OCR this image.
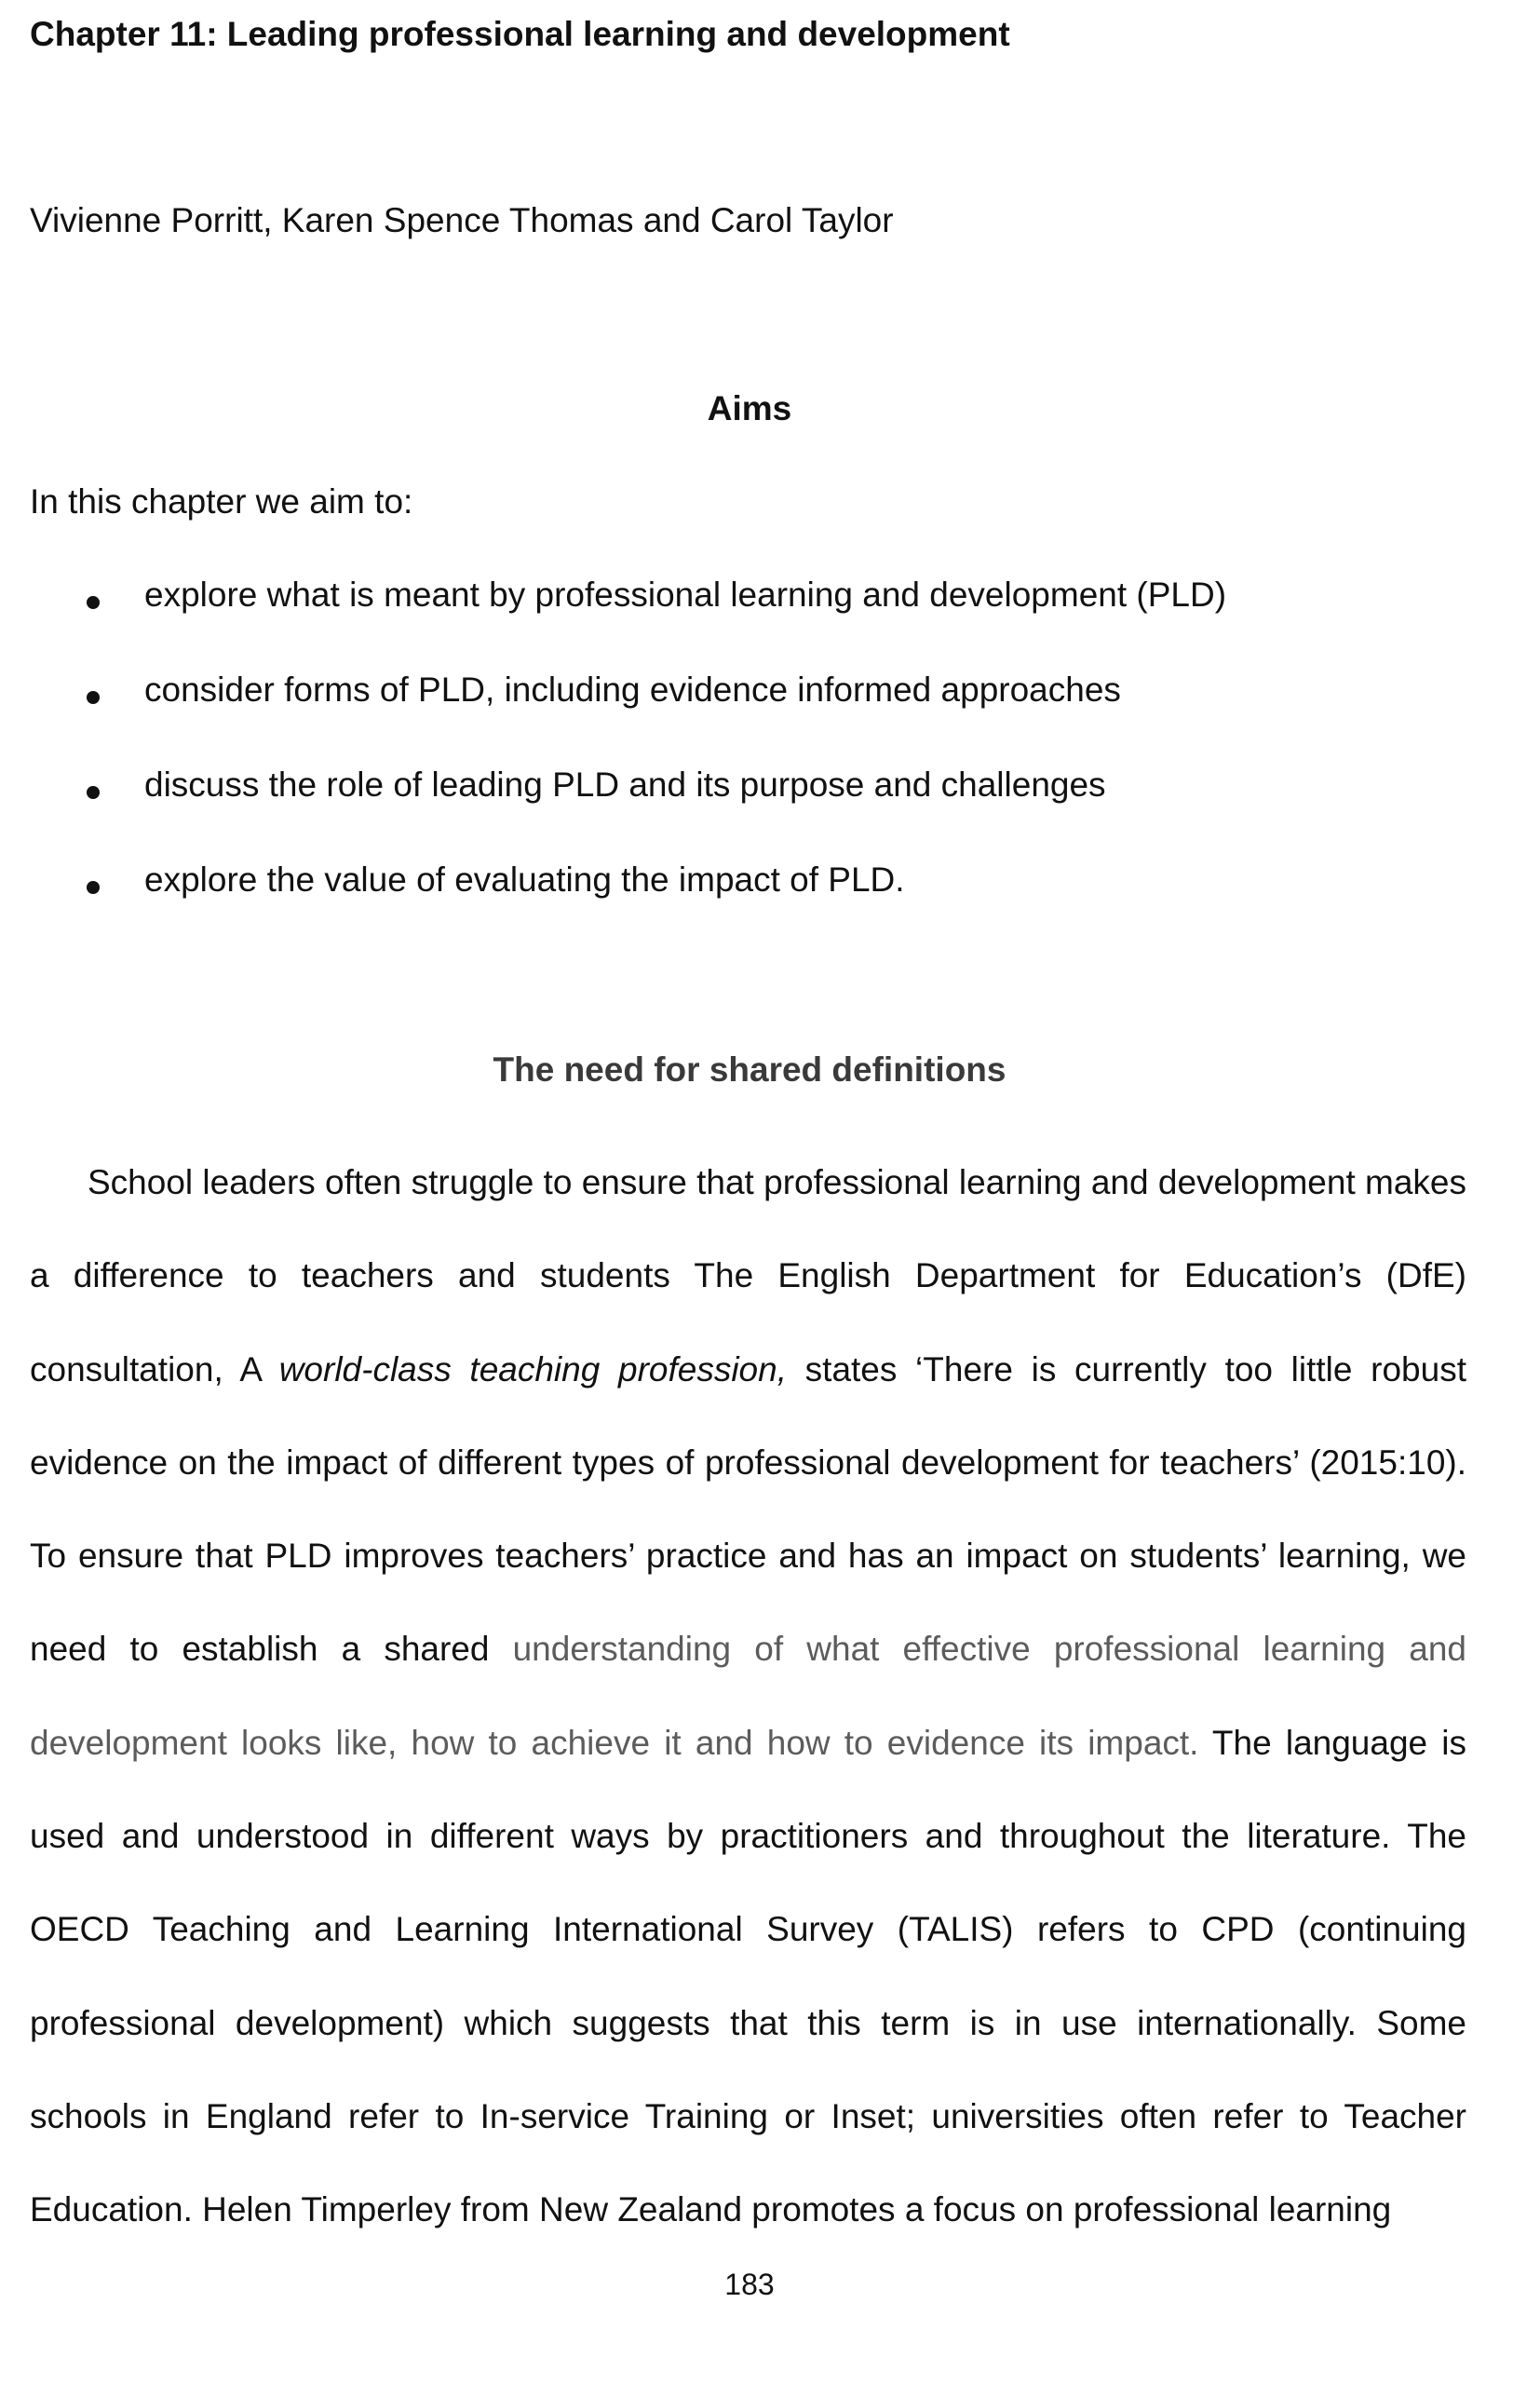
Chapter 11: Leading professional learning and development
Vivienne Porritt, Karen Spence Thomas and Carol Taylor
Aims
In this chapter we aim to:
explore what is meant by professional learning and development (PLD)
consider forms of PLD, including evidence informed approaches
discuss the role of leading PLD and its purpose and challenges
explore the value of evaluating the impact of PLD.
The need for shared definitions

School leaders often struggle to ensure that professional learning and development makes a difference to teachers and students The English Department for Education’s (DfE) consultation, A world-class teaching profession, states ‘There is currently too little robust evidence on the impact of different types of professional development for teachers’ (2015:10). To ensure that PLD improves teachers’ practice and has an impact on students’ learning, we need to establish a shared understanding of what effective professional learning and development looks like, how to achieve it and how to evidence its impact. The language is used and understood in different ways by practitioners and throughout the literature. The OECD Teaching and Learning International Survey (TALIS) refers to CPD (continuing professional development) which suggests that this term is in use internationally. Some schools in England refer to In-service Training or Inset; universities often refer to Teacher Education. Helen Timperley from New Zealand promotes a focus on professional learning

183
